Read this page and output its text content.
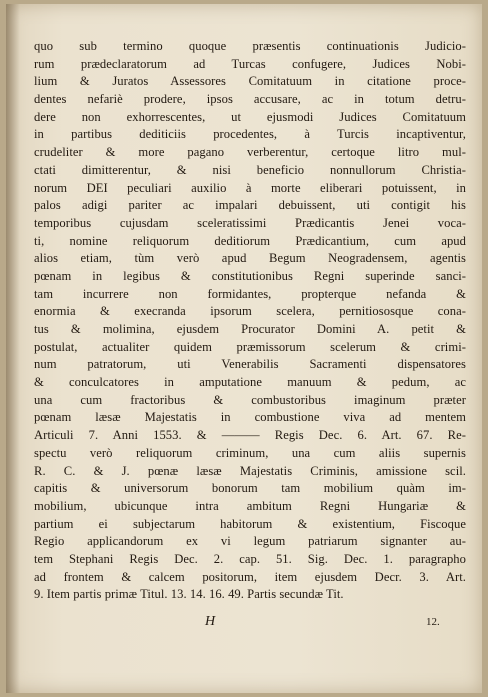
quo sub termino quoque præsentis continuationis Judicio-
rum prædeclaratorum ad Turcas confugere, Judices Nobi-
lium & Juratos Assessores Comitatuum in citatione proce-
dentes nefariè prodere, ipsos accusare, ac in totum detru-
dere non exhorrescentes, ut ejusmodi Judices Comitatuum
in partibus dediticiis procedentes, à Turcis incaptiventur,
crudeliter & more pagano verberentur, certoque litro mul-
ctati dimitterentur, & nisi beneficio nonnullorum Christia-
norum DEI peculiari auxilio à morte eliberari potuissent, in
palos adigi pariter ac impalari debuissent, uti contigit his
temporibus cujusdam sceleratissimi Prædicantis Jenei voca-
ti, nomine reliquorum deditiorum Prædicantium, cum apud
alios etiam, tùm verò apud Begum Neogradensem, agentis
pœnam in legibus & constitutionibus Regni superinde sanci-
tam incurrere non formidantes, propterque nefanda &
enormia & execranda ipsorum scelera, pernitiososque cona-
tus & molimina, ejusdem Procurator Domini A. petit &
postulat, actualiter quidem præmissorum scelerum & crimi-
num patratorum, uti Venerabilis Sacramenti dispensatores
& conculcatores in amputatione manuum & pedum, ac
una cum fractoribus & combustoribus imaginum præter
pœnam læsæ Majestatis in combustione viva ad mentem
Articuli 7. Anni 1553. & ——— Regis Dec. 6. Art. 67. Re-
spectu verò reliquorum criminum, una cum aliis supernis
R. C. & J. pœnæ læsæ Majestatis Criminis, amissione scil.
capitis & universorum bonorum tam mobilium quàm im-
mobilium, ubicunque intra ambitum Regni Hungariæ &
partium ei subjectarum habitorum & existentium, Fiscoque
Regio applicandorum ex vi legum patriarum signanter au-
tem Stephani Regis Dec. 2. cap. 51. Sig. Dec. 1. paragrapho
ad frontem & calcem positorum, item ejusdem Decr. 3. Art.
9. Item partis primæ Titul. 13. 14. 16. 49. Partis secundæ Tit.
H	12.
